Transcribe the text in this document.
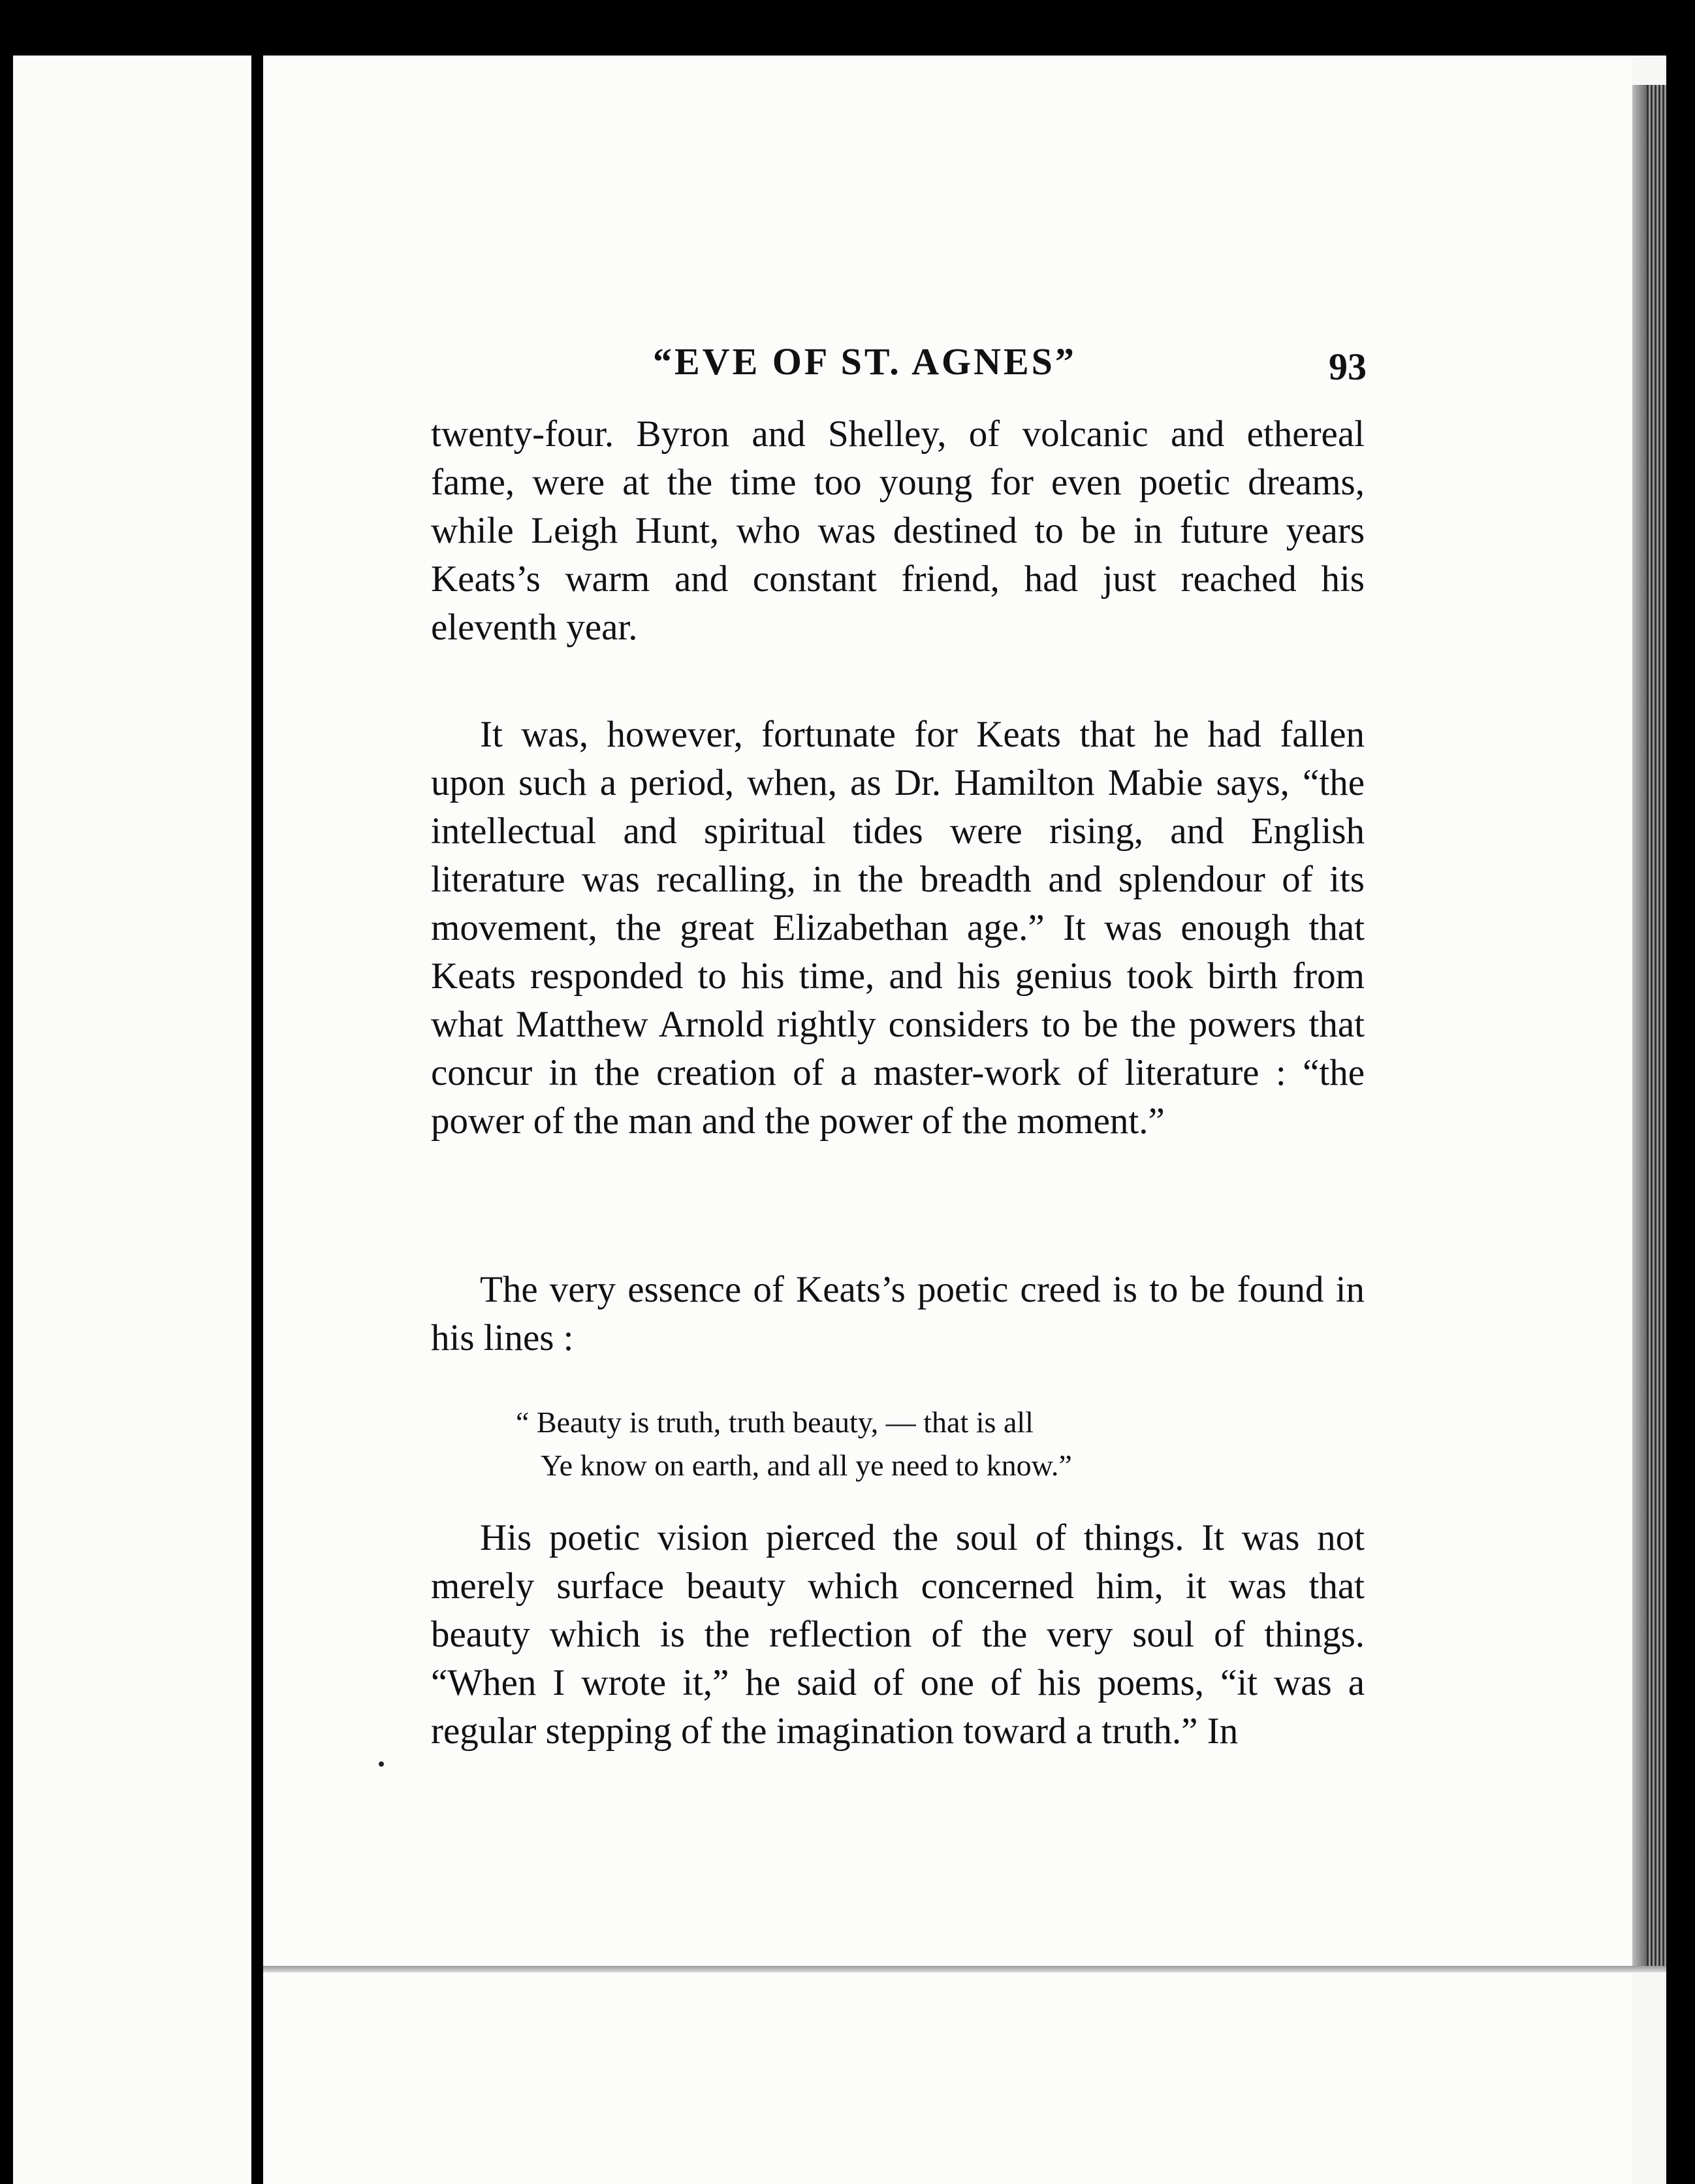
“EVE OF ST. AGNES”	93
twenty-four. Byron and Shelley, of volcanic and ethereal fame, were at the time too young for even poetic dreams, while Leigh Hunt, who was destined to be in future years Keats’s warm and constant friend, had just reached his eleventh year.
It was, however, fortunate for Keats that he had fallen upon such a period, when, as Dr. Hamilton Mabie says, “the intellectual and spiritual tides were rising, and English literature was recalling, in the breadth and splendour of its movement, the great Elizabethan age.” It was enough that Keats responded to his time, and his genius took birth from what Matthew Arnold rightly considers to be the powers that concur in the creation of a master-work of literature : “the power of the man and the power of the moment.”
The very essence of Keats’s poetic creed is to be found in his lines :
“ Beauty is truth, truth beauty, — that is all
Ye know on earth, and all ye need to know.”
His poetic vision pierced the soul of things. It was not merely surface beauty which concerned him, it was that beauty which is the reflection of the very soul of things. “When I wrote it,” he said of one of his poems, “it was a regular stepping of the imagination toward a truth.” In
